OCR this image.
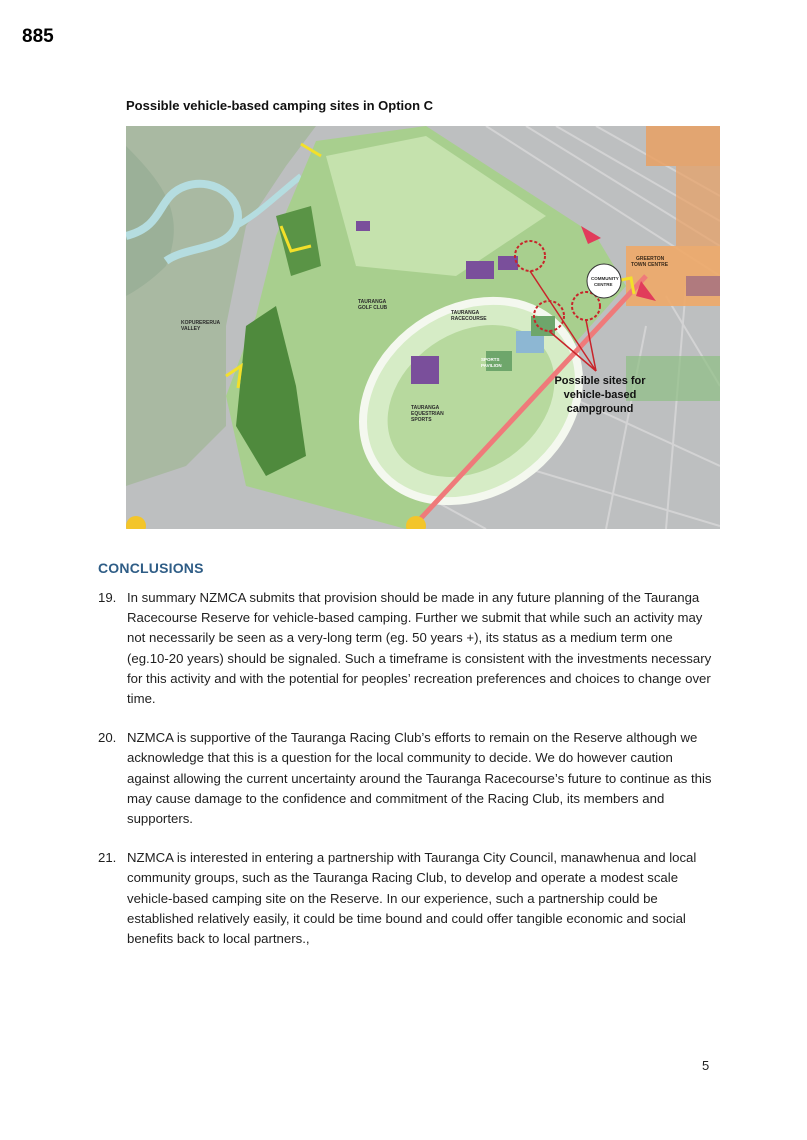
885
Possible vehicle-based camping sites in Option C
TAURANGA
GOLF CLUB
TAURANGA
RACECOURSE
TAURANGA
EQUESTRIAN
SPORTS
KOPURERERUA
VALLEY
COMMUNITY
CENTRE
GREERTON
TOWN CENTRE
SPORTS
PAVILION
Possible sites for
vehicle-based
campground
CONCLUSIONS
19. In summary NZMCA submits that provision should be made in any future planning of the Tauranga Racecourse Reserve for vehicle-based camping. Further we submit that while such an activity may not necessarily be seen as a very-long term (eg. 50 years +), its status as a medium term one (eg.10-20 years) should be signaled. Such a timeframe is consistent with the investments necessary for this activity and with the potential for peoples’ recreation preferences and choices to change over time.
20. NZMCA is supportive of the Tauranga Racing Club’s efforts to remain on the Reserve although we acknowledge that this is a question for the local community to decide. We do however caution against allowing the current uncertainty around the Tauranga Racecourse’s future to continue as this may cause damage to the confidence and commitment of the Racing Club, its members and supporters.
21. NZMCA is interested in entering a partnership with Tauranga City Council, manawhenua and local community groups, such as the Tauranga Racing Club, to develop and operate a modest scale vehicle-based camping site on the Reserve. In our experience, such a partnership could be established relatively easily, it could be time bound and could offer tangible economic and social benefits back to local partners.,
5
